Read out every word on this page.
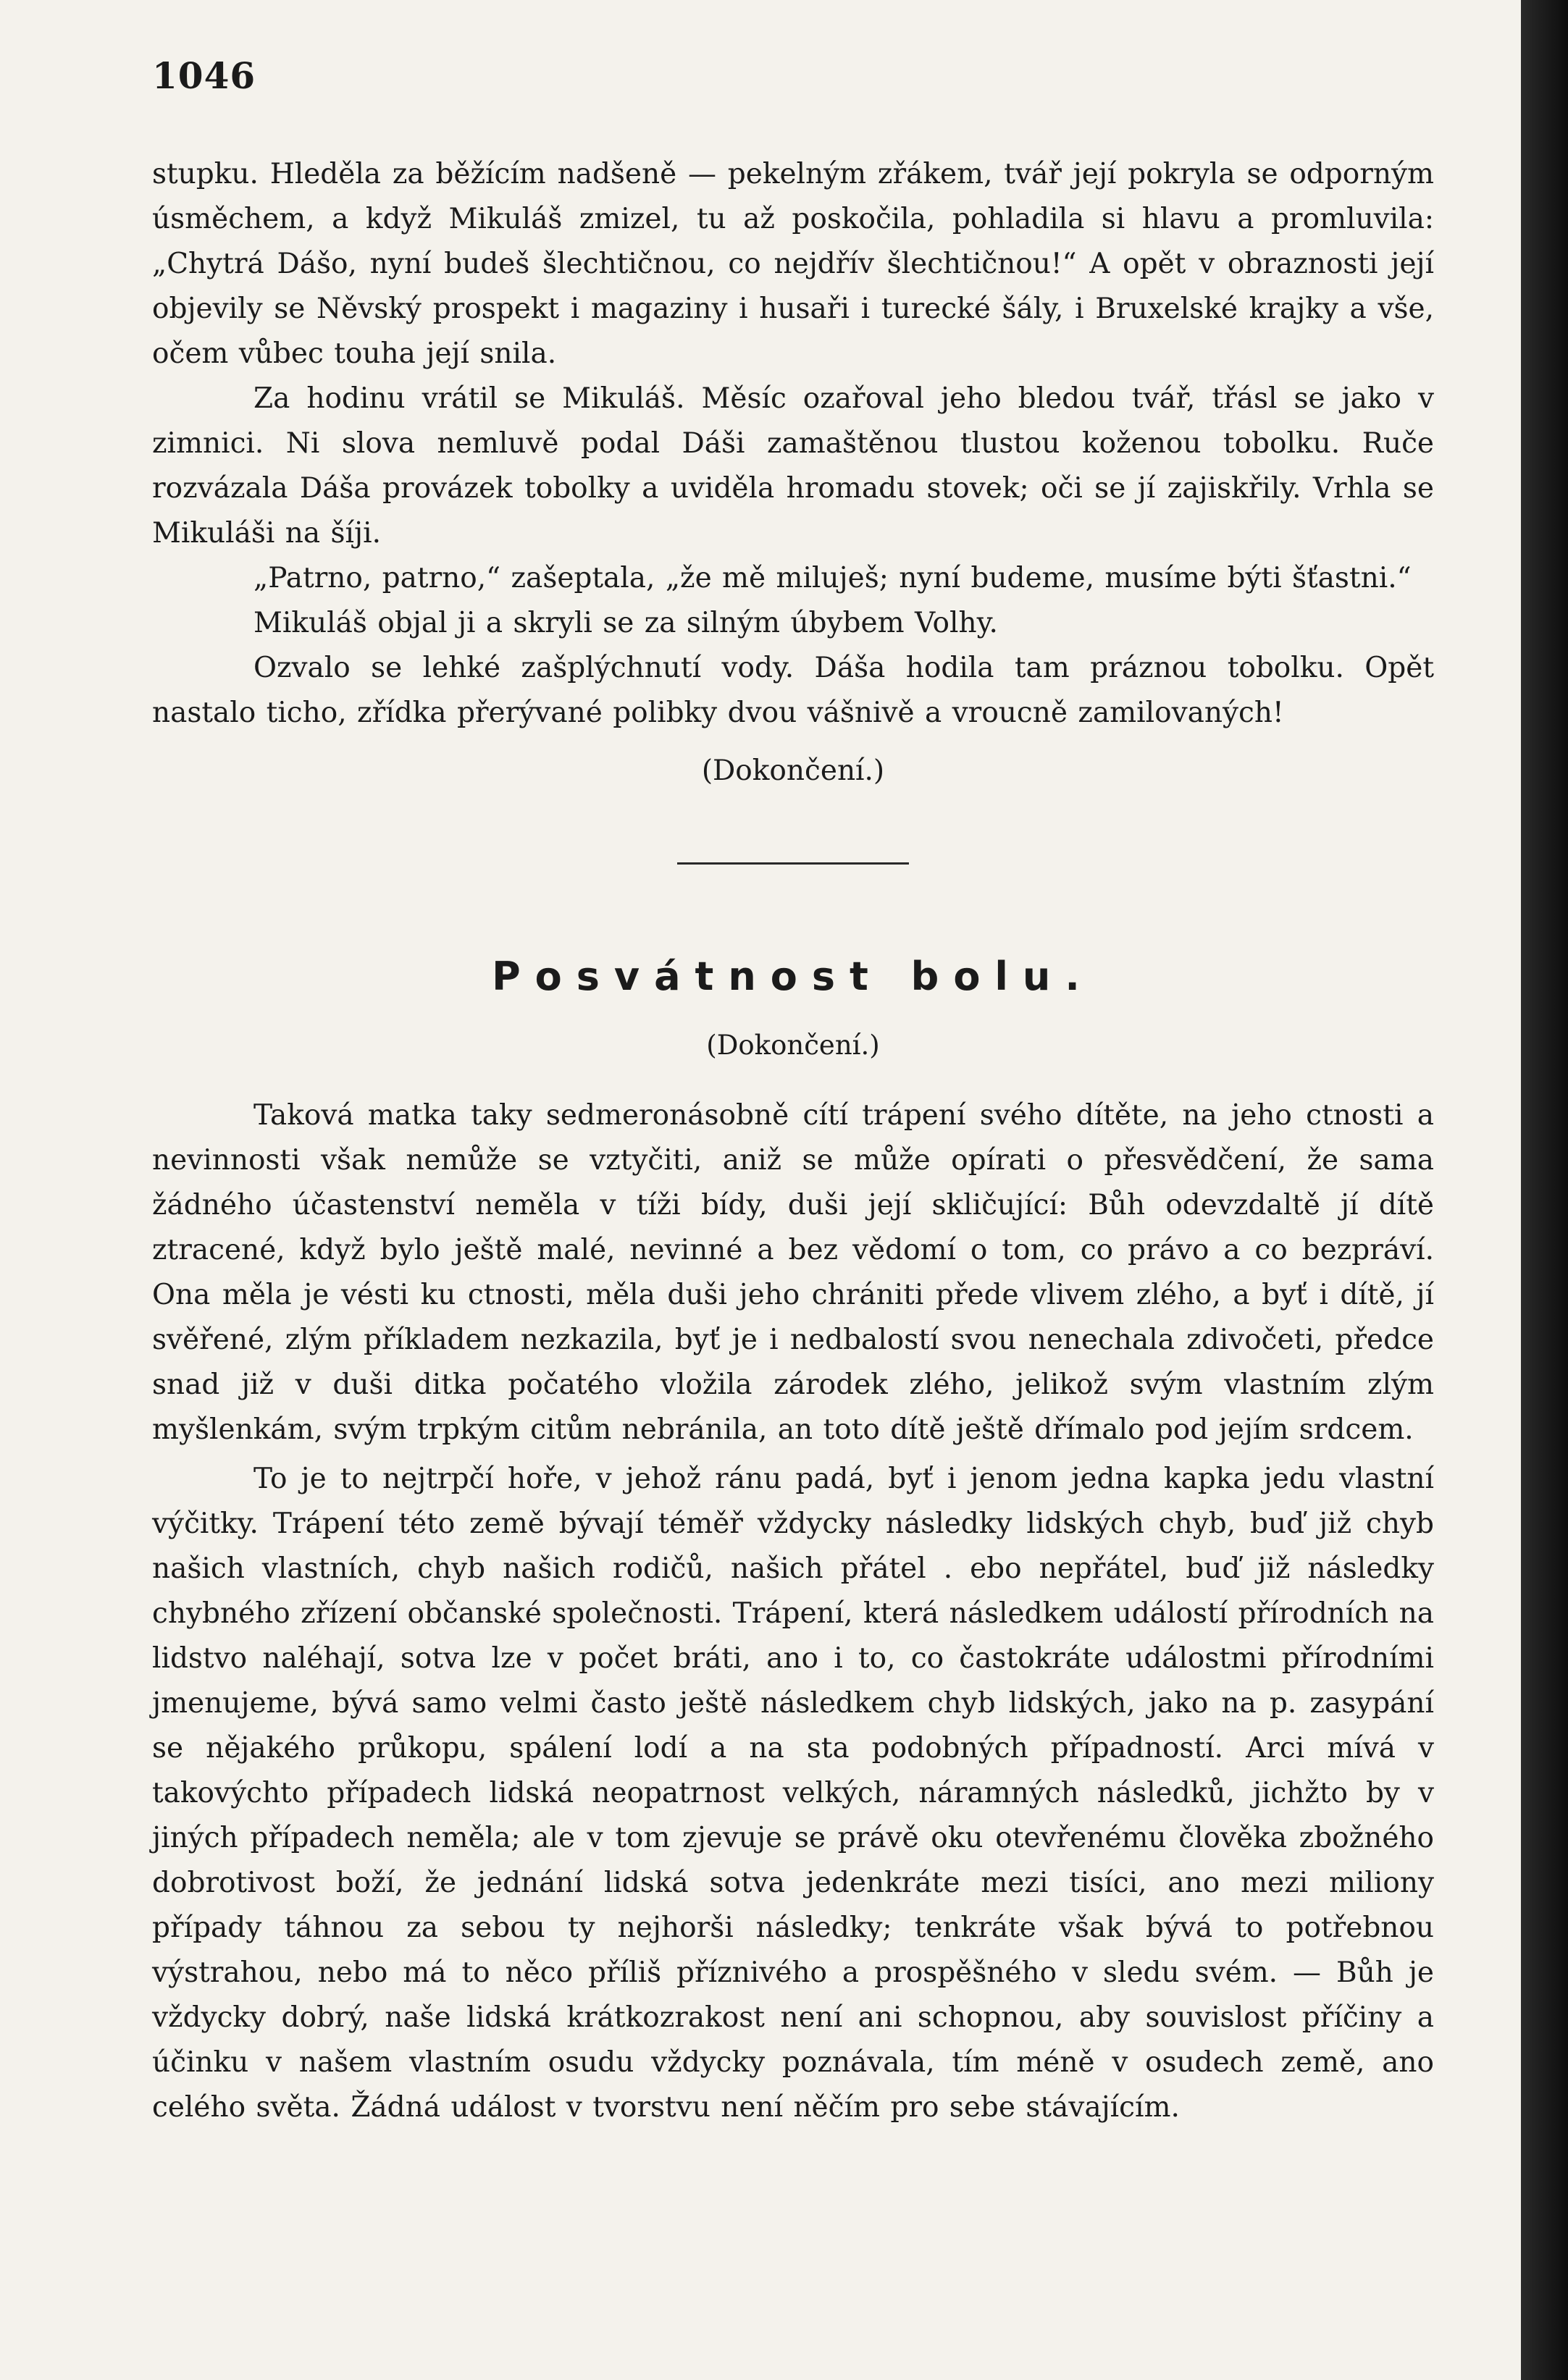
1046

stupku. Hleděla za běžícím nadšeně — pekelným zřákem, tvář její pokryla se odporným úsměchem, a když Mikuláš zmizel, tu až poskočila, pohladila si hlavu a promluvila: „Chytrá Dášo, nyní budeš šlechtičnou, co nejdřív šlechtičnou!“ A opět v obraznosti její objevily se Něvský prospekt i magaziny i husaři i turecké šály, i Bruxelské krajky a vše, očem vůbec touha její snila.

Za hodinu vrátil se Mikuláš. Měsíc ozařoval jeho bledou tvář, třásl se jako v zimnici. Ni slova nemluvě podal Dáši zamaštěnou tlustou koženou tobolku. Ruče rozvázala Dáša provázek tobolky a uviděla hromadu stovek; oči se jí zajiskřily. Vrhla se Mikuláši na šíji.

„Patrno, patrno,“ zašeptala, „že mě miluješ; nyní budeme, musíme býti šťastni.“

Mikuláš objal ji a skryli se za silným úbybem Volhy.

Ozvalo se lehké zašplýchnutí vody. Dáša hodila tam práznou tobolku. Opět nastalo ticho, zřídka přerývané polibky dvou vášnivě a vroucně zamilovaných!

(Dokončení.)
Posvátnost bolu.
(Dokončení.)

Taková matka taky sedmeronásobně cítí trápení svého dítěte, na jeho ctnosti a nevinnosti však nemůže se vztyčiti, aniž se může opírati o přesvědčení, že sama žádného účastenství neměla v tíži bídy, duši její skličující: Bůh odevzdaltě jí dítě ztracené, když bylo ještě malé, nevinné a bez vědomí o tom, co právo a co bezpráví. Ona měla je vésti ku ctnosti, měla duši jeho chrániti přede vlivem zlého, a byť i dítě, jí svěřené, zlým příkladem nezkazila, byť je i nedbalostí svou nenechala zdivočeti, předce snad již v duši ditka počatého vložila zárodek zlého, jelikož svým vlastním zlým myšlenkám, svým trpkým citům nebránila, an toto dítě ještě dřímalo pod jejím srdcem.

To je to nejtrpčí hoře, v jehož ránu padá, byť i jenom jedna kapka jedu vlastní výčitky. Trápení této země bývají téměř vždycky následky lidských chyb, buď již chyb našich vlastních, chyb našich rodičů, našich přátel . ebo nepřátel, buď již následky chybného zřízení občanské společnosti. Trápení, která následkem událostí přírodních na lidstvo naléhají, sotva lze v počet bráti, ano i to, co častokráte událostmi přírodními jmenujeme, bývá samo velmi často ještě následkem chyb lidských, jako na p. zasypání se nějakého průkopu, spálení lodí a na sta podobných případností. Arci mívá v takovýchto případech lidská neopatrnost velkých, náramných následků, jichžto by v jiných případech neměla; ale v tom zjevuje se právě oku otevřenému člověka zbožného dobrotivost boží, že jednání lidská sotva jedenkráte mezi tisíci, ano mezi miliony případy táhnou za sebou ty nejhorši následky; tenkráte však bývá to potřebnou výstrahou, nebo má to něco příliš příznivého a prospěšného v sledu svém. — Bůh je vždycky dobrý, naše lidská krátkozrakost není ani schopnou, aby souvislost příčiny a účinku v našem vlastním osudu vždycky poznávala, tím méně v osudech země, ano celého světa. Žádná událost v tvorstvu není něčím pro sebe stávajícím.
